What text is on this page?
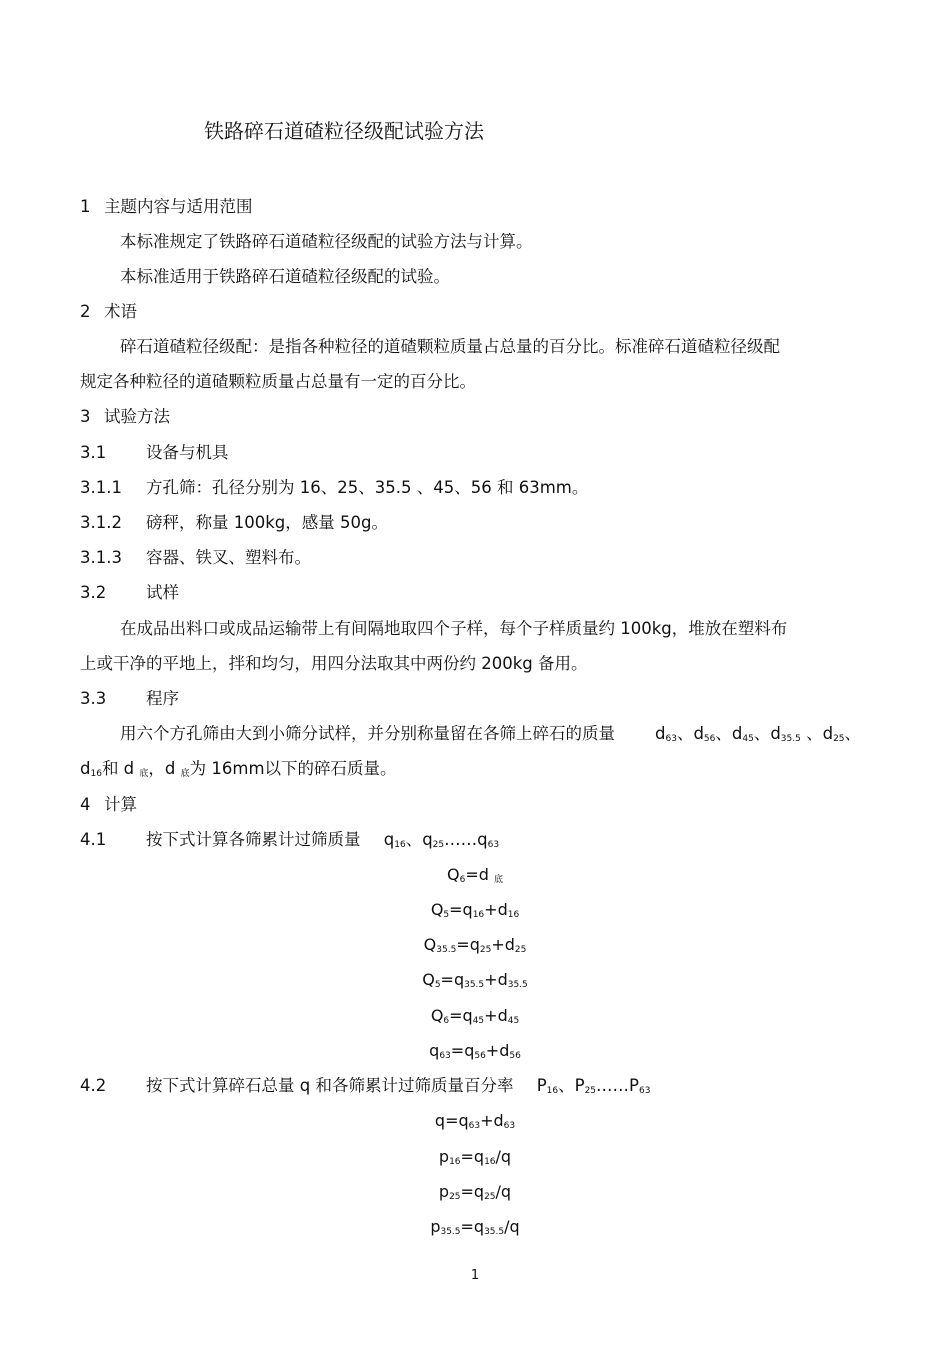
铁路碎石道碴粒径级配试验方法
1 主题内容与适用范围
本标准规定了铁路碎石道碴粒径级配的试验方法与计算。
本标准适用于铁路碎石道碴粒径级配的试验。
2 术语
碎石道碴粒径级配：是指各种粒径的道碴颗粒质量占总量的百分比。标准碎石道碴粒径级配
规定各种粒径的道碴颗粒质量占总量有一定的百分比。
3 试验方法
3.1 设备与机具
3.1.1 方孔筛：孔径分别为 16、25、35.5 、45、56 和 63mm。
3.1.2 磅秤，称量 100kg，感量 50g。
3.1.3 容器、铁叉、塑料布。
3.2 试样
在成品出料口或成品运输带上有间隔地取四个子样，每个子样质量约 100kg，堆放在塑料布
上或干净的平地上，拌和均匀，用四分法取其中两份约 200kg 备用。
3.3 程序
用六个方孔筛由大到小筛分试样，并分别称量留在各筛上碎石的质量 $d_{63}$、$d_{56}$、$d_{45}$、$d_{35.5}$ 、$d_{25}$、
$d_{16}$和 d $_底$，d $_底$为 16mm以下的碎石质量。
4 计算
4.1 按下式计算各筛累计过筛质量 $q_{16}$、$q_{25}\dots\dots q_{63}$
$Q_6=d$ $_底$
$Q_5=q_{16}+d_{16}$
$Q_{35.5}=q_{25}+d_{25}$
$Q_5=q_{35.5}+d_{35.5}$
$Q_6=q_{45}+d_{45}$
$q_{63}=q_{56}+d_{56}$
4.2 按下式计算碎石总量 q 和各筛累计过筛质量百分率 $P_{16}$、$P_{25}\dots\dots P_{63}$
$q=q_{63}+d_{63}$
$p_{16}=q_{16}/q$
$p_{25}=q_{25}/q$
$p_{35.5}=q_{35.5}/q$
1
